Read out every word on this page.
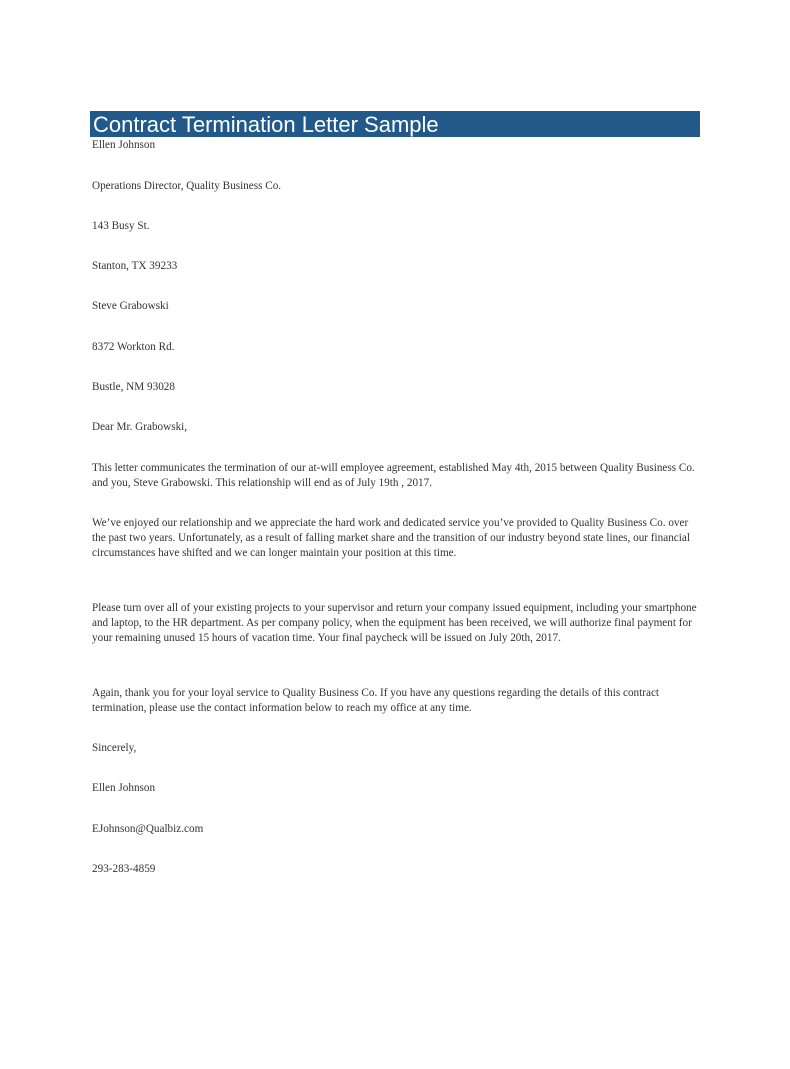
Contract Termination Letter Sample
Ellen Johnson
Operations Director, Quality Business Co.
143 Busy St.
Stanton, TX 39233
Steve Grabowski
8372 Workton Rd.
Bustle, NM 93028
Dear Mr. Grabowski,

This letter communicates the termination of our at-will employee agreement, established May 4th, 2015 between Quality Business Co. and you, Steve Grabowski. This relationship will end as of July 19th , 2017.

We’ve enjoyed our relationship and we appreciate the hard work and dedicated service you’ve provided to Quality Business Co. over the past two years. Unfortunately, as a result of falling market share and the transition of our industry beyond state lines, our financial circumstances have shifted and we can longer maintain your position at this time.

Please turn over all of your existing projects to your supervisor and return your company issued equipment, including your smartphone and laptop, to the HR department. As per company policy, when the equipment has been received, we will authorize final payment for your remaining unused 15 hours of vacation time. Your final paycheck will be issued on July 20th, 2017.

Again, thank you for your loyal service to Quality Business Co. If you have any questions regarding the details of this contract termination, please use the contact information below to reach my office at any time.

Sincerely,
Ellen Johnson
EJohnson@Qualbiz.com
293-283-4859
